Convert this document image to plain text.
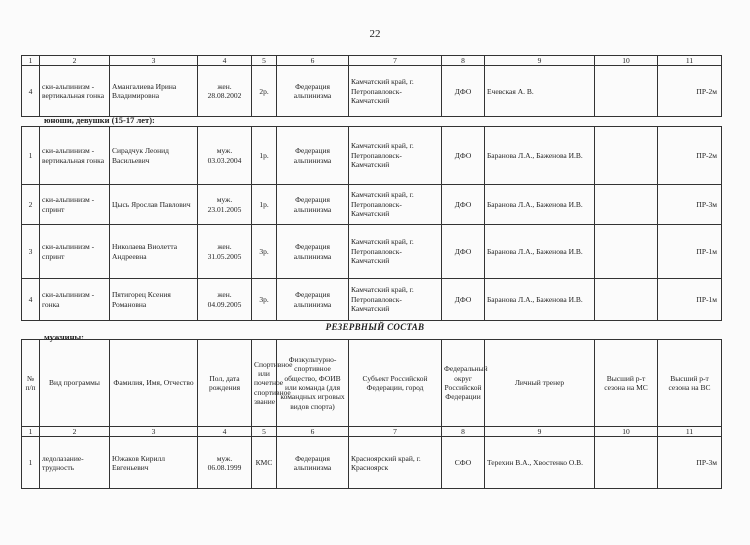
22
1	2	3	4	5	6	7	8	9	10	11
4	ски-альпинизм - вертикальная гонка	Амангалиева Ирина Владимировна	жен. 28.08.2002	2р.	Федерация альпинизма	Камчатский край, г. Петропавловск-Камчатский	ДФО	Ечевская А. В.		ПР-2м
юноши, девушки (15-17 лет):
1	ски-альпинизм - вертикальная гонка	Сирадчук Леонид Васильевич	муж. 03.03.2004	1р.	Федерация альпинизма	Камчатский край, г. Петропавловск-Камчатский	ДФО	Баранова Л.А., Баженова И.В.		ПР-2м
2	ски-альпинизм - спринт	Цысь Ярослав Павлович	муж. 23.01.2005	1р.	Федерация альпинизма	Камчатский край, г. Петропавловск-Камчатский	ДФО	Баранова Л.А., Баженова И.В.		ПР-3м
3	ски-альпинизм - спринт	Николаева Виолетта Андреевна	жен. 31.05.2005	3р.	Федерация альпинизма	Камчатский край, г. Петропавловск-Камчатский	ДФО	Баранова Л.А., Баженова И.В.		ПР-1м
4	ски-альпинизм - гонка	Пятигорец Ксения Романовна	жен. 04.09.2005	3р.	Федерация альпинизма	Камчатский край, г. Петропавловск-Камчатский	ДФО	Баранова Л.А., Баженова И.В.		ПР-1м
РЕЗЕРВНЫЙ СОСТАВ
мужчины:
№ п/п	Вид программы	Фамилия, Имя, Отчество	Пол, дата рождения	Спортивное или почетное спортивное звание	Физкультурно-спортивное общество, ФОИВ или команда (для командных игровых видов спорта)	Субъект Российской Федерации, город	Федеральный округ Российской Федерации	Личный тренер	Высший р-т сезона на МС	Высший р-т сезона на ВС
1	2	3	4	5	6	7	8	9	10	11
1	ледолазание-трудность	Южаков Кирилл Евгеньевич	муж. 06.08.1999	КМС	Федерация альпинизма	Красноярский край, г. Красноярск	СФО	Терехин В.А., Хвостенко О.В.		ПР-3м
